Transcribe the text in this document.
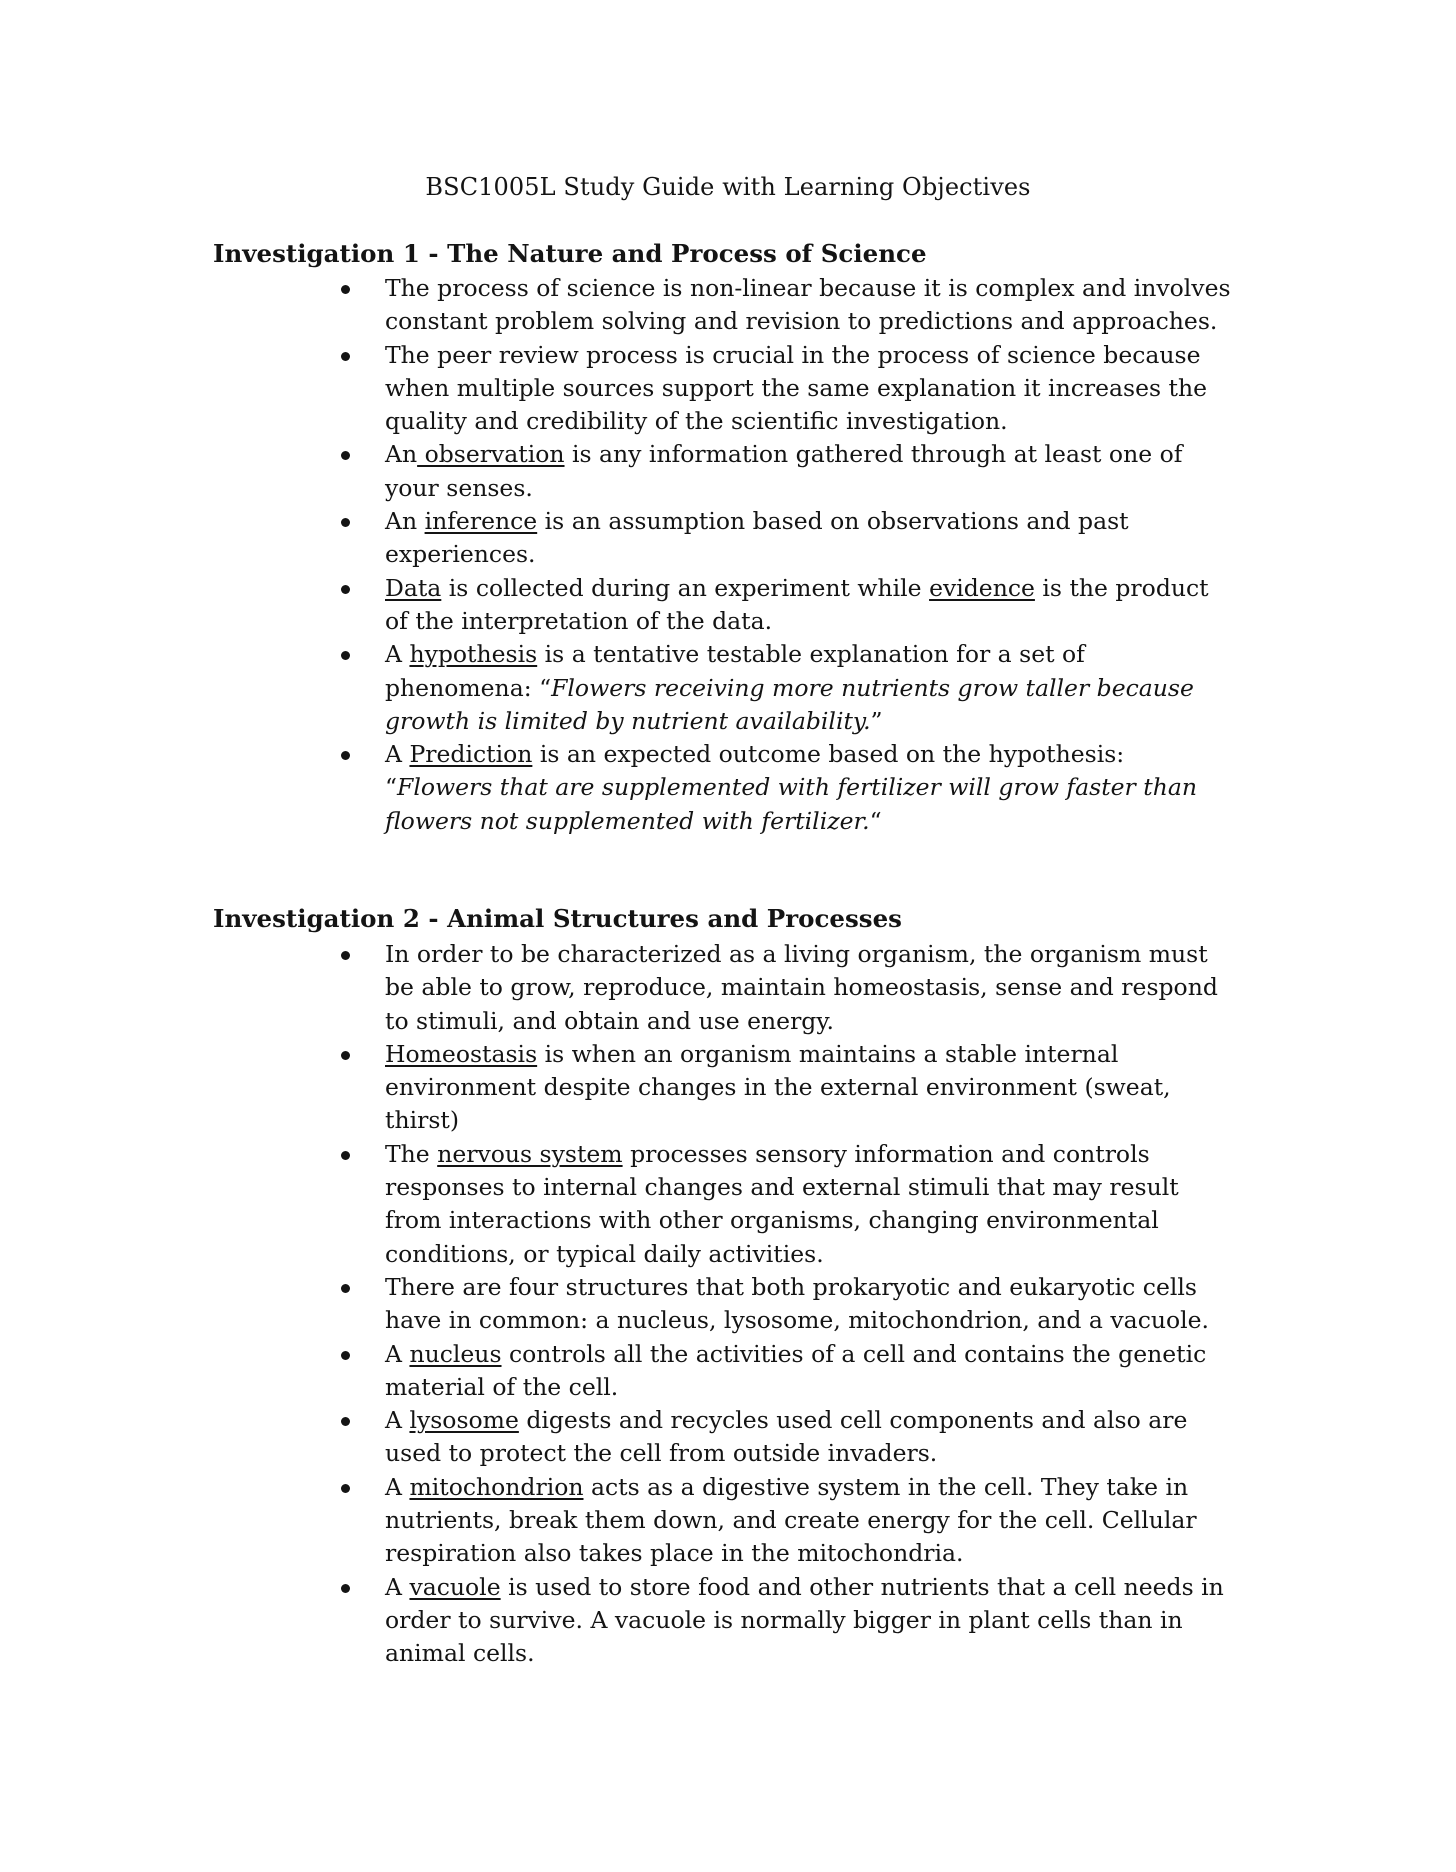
BSC1005L Study Guide with Learning Objectives
Investigation 1 - The Nature and Process of Science
The process of science is non-linear because it is complex and involves constant problem solving and revision to predictions and approaches.
The peer review process is crucial in the process of science because when multiple sources support the same explanation it increases the quality and credibility of the scientific investigation.
An observation is any information gathered through at least one of your senses.
An inference is an assumption based on observations and past experiences.
Data is collected during an experiment while evidence is the product of the interpretation of the data.
A hypothesis is a tentative testable explanation for a set of phenomena: “Flowers receiving more nutrients grow taller because growth is limited by nutrient availability.”
A Prediction is an expected outcome based on the hypothesis: “Flowers that are supplemented with fertilizer will grow faster than flowers not supplemented with fertilizer.“
Investigation 2 - Animal Structures and Processes
In order to be characterized as a living organism, the organism must be able to grow, reproduce, maintain homeostasis, sense and respond to stimuli, and obtain and use energy.
Homeostasis is when an organism maintains a stable internal environment despite changes in the external environment (sweat, thirst)
The nervous system processes sensory information and controls responses to internal changes and external stimuli that may result from interactions with other organisms, changing environmental conditions, or typical daily activities.
There are four structures that both prokaryotic and eukaryotic cells have in common: a nucleus, lysosome, mitochondrion, and a vacuole.
A nucleus controls all the activities of a cell and contains the genetic material of the cell.
A lysosome digests and recycles used cell components and also are used to protect the cell from outside invaders.
A mitochondrion acts as a digestive system in the cell. They take in nutrients, break them down, and create energy for the cell. Cellular respiration also takes place in the mitochondria.
A vacuole is used to store food and other nutrients that a cell needs in order to survive. A vacuole is normally bigger in plant cells than in animal cells.
